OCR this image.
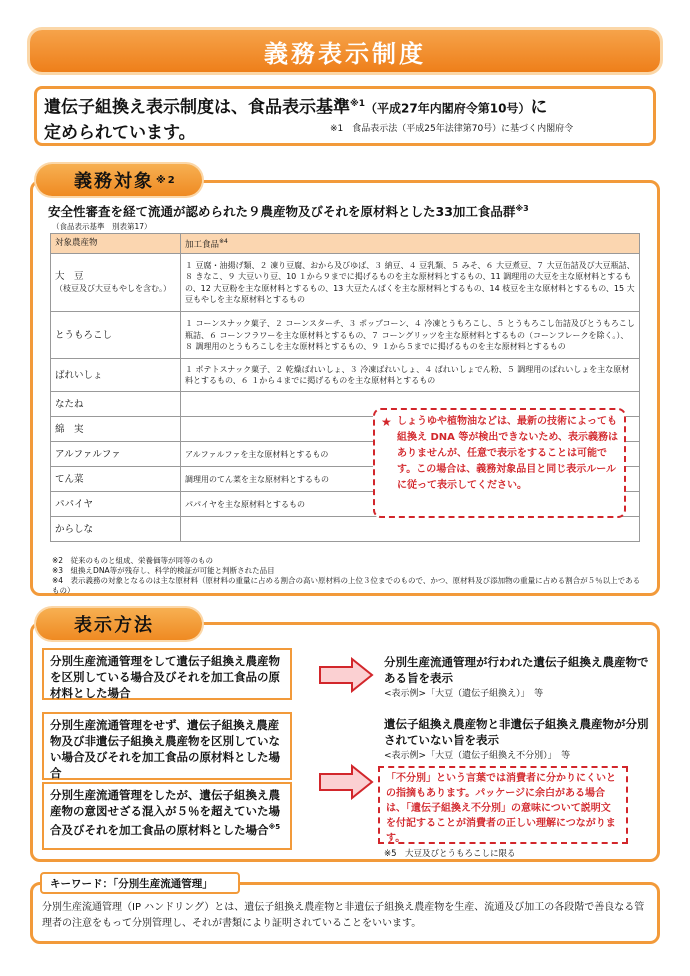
義務表示制度
遺伝子組換え表示制度は、食品表示基準$^{※1}$（平成27年内閣府令第10号）に
定められています。	※1　食品表示法（平成25年法律第70号）に基づく内閣府令
義務対象 ※2
安全性審査を経て流通が認められた９農産物及びそれを原材料とした33加工食品群$^{※3}$
（食品表示基準　別表第17）
対象農産物	加工食品$^{※4}$
大　豆
（枝豆及び大豆もやしを含む。）	１ 豆腐・油揚げ類、２ 凍り豆腐、おから及びゆば、３ 納豆、４ 豆乳類、５ みそ、６ 大豆煮豆、７ 大豆缶詰及び大豆瓶詰、８ きなこ、９ 大豆いり豆、10 １から９までに掲げるものを主な原材料とするもの、11 調理用の大豆を主な原材料とするもの、12 大豆粉を主な原材料とするもの、13 大豆たんぱくを主な原材料とするもの、14 枝豆を主な原材料とするもの、15 大豆もやしを主な原材料とするもの
とうもろこし	１ コーンスナック菓子、２ コーンスターチ、３ ポップコーン、４ 冷凍とうもろこし、５ とうもろこし缶詰及びとうもろこし瓶詰、６ コーンフラワーを主な原材料とするもの、７ コーングリッツを主な原材料とするもの（コーンフレークを除く。）、８ 調理用のとうもろこしを主な原材料とするもの、９ １から５までに掲げるものを主な原材料とするもの
ばれいしょ	１ ポテトスナック菓子、２ 乾燥ばれいしょ、３ 冷凍ばれいしょ、４ ばれいしょでん粉、５ 調理用のばれいしょを主な原材料とするもの、６ １から４までに掲げるものを主な原材料とするもの
なたね	
綿　実	
アルファルファ	アルファルファを主な原材料とするもの
てん菜	調理用のてん菜を主な原材料とするもの
パパイヤ	パパイヤを主な原材料とするもの
からしな	
★ しょうゆや植物油などは、最新の技術によっても組換え DNA 等が検出できないため、表示義務はありませんが、任意で表示をすることは可能です。この場合は、義務対象品目と同じ表示ルールに従って表示してください。
※2　従来のものと組成、栄養価等が同等のもの
※3　組換えDNA等が残存し、科学的検証が可能と判断された品目
※4　表示義務の対象となるのは主な原材料（原材料の重量に占める割合の高い原材料の上位３位までのもので、かつ、原材料及び添加物の重量に占める割合が５％以上であるもの）
表示方法
分別生産流通管理をして遺伝子組換え農産物を区別している場合及びそれを加工食品の原材料とした場合
分別生産流通管理が行われた遺伝子組換え農産物である旨を表示
<表示例>「大豆（遺伝子組換え）」　等
分別生産流通管理をせず、遺伝子組換え農産物及び非遺伝子組換え農産物を区別していない場合及びそれを加工食品の原材料とした場合
分別生産流通管理をしたが、遺伝子組換え農産物の意図せざる混入が５％を超えていた場合及びそれを加工食品の原材料とした場合$^{※5}$
遺伝子組換え農産物と非遺伝子組換え農産物が分別されていない旨を表示
<表示例>「大豆（遺伝子組換え不分別）」　等
「不分別」という言葉では消費者に分かりにくいとの指摘もあります。パッケージに余白がある場合は、「遺伝子組換え不分別」の意味について説明文を付記することが消費者の正しい理解につながります。
※5　大豆及びとうもろこしに限る
キーワード：「分別生産流通管理」
分別生産流通管理（IP ハンドリング）とは、遺伝子組換え農産物と非遺伝子組換え農産物を生産、流通及び加工の各段階で善良なる管理者の注意をもって分別管理し、それが書類により証明されていることをいいます。
